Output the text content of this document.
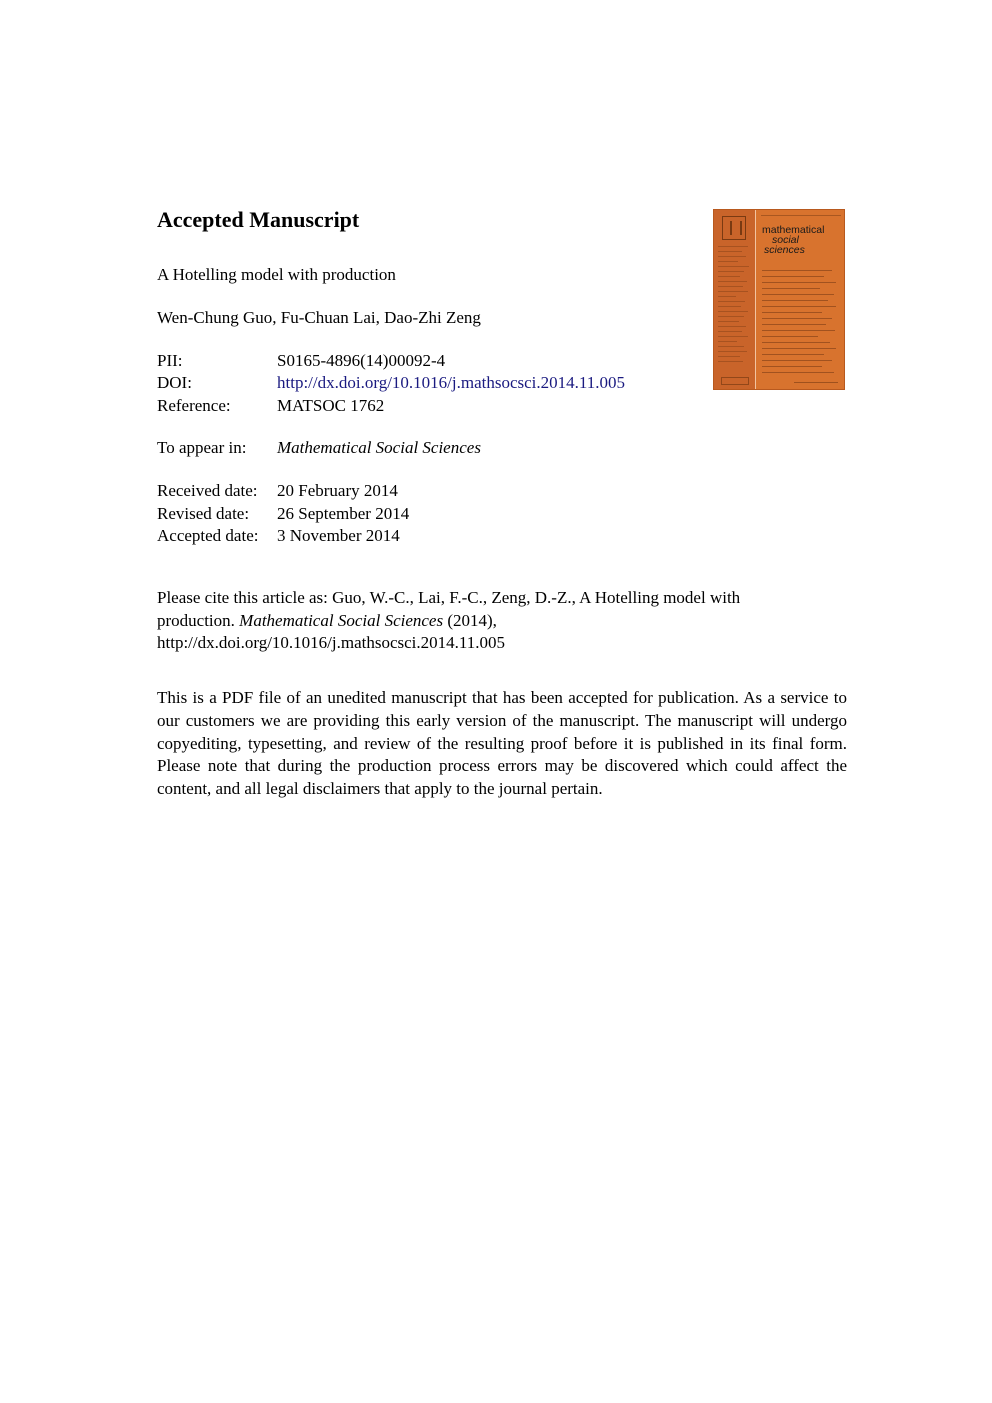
Accepted Manuscript
A Hotelling model with production
Wen-Chung Guo, Fu-Chuan Lai, Dao-Zhi Zeng
PII:	S0165-4896(14)00092-4
DOI:	http://dx.doi.org/10.1016/j.mathsocsci.2014.11.005
Reference:	MATSOC 1762
To appear in: Mathematical Social Sciences
Received date: 20 February 2014
Revised date: 26 September 2014
Accepted date: 3 November 2014
Please cite this article as: Guo, W.-C., Lai, F.-C., Zeng, D.-Z., A Hotelling model with
production. Mathematical Social Sciences (2014),
http://dx.doi.org/10.1016/j.mathsocsci.2014.11.005
This is a PDF file of an unedited manuscript that has been accepted for publication. As a service to our customers we are providing this early version of the manuscript. The manuscript will undergo copyediting, typesetting, and review of the resulting proof before it is published in its final form. Please note that during the production process errors may be discovered which could affect the content, and all legal disclaimers that apply to the journal pertain.
mathematical
social
sciences
